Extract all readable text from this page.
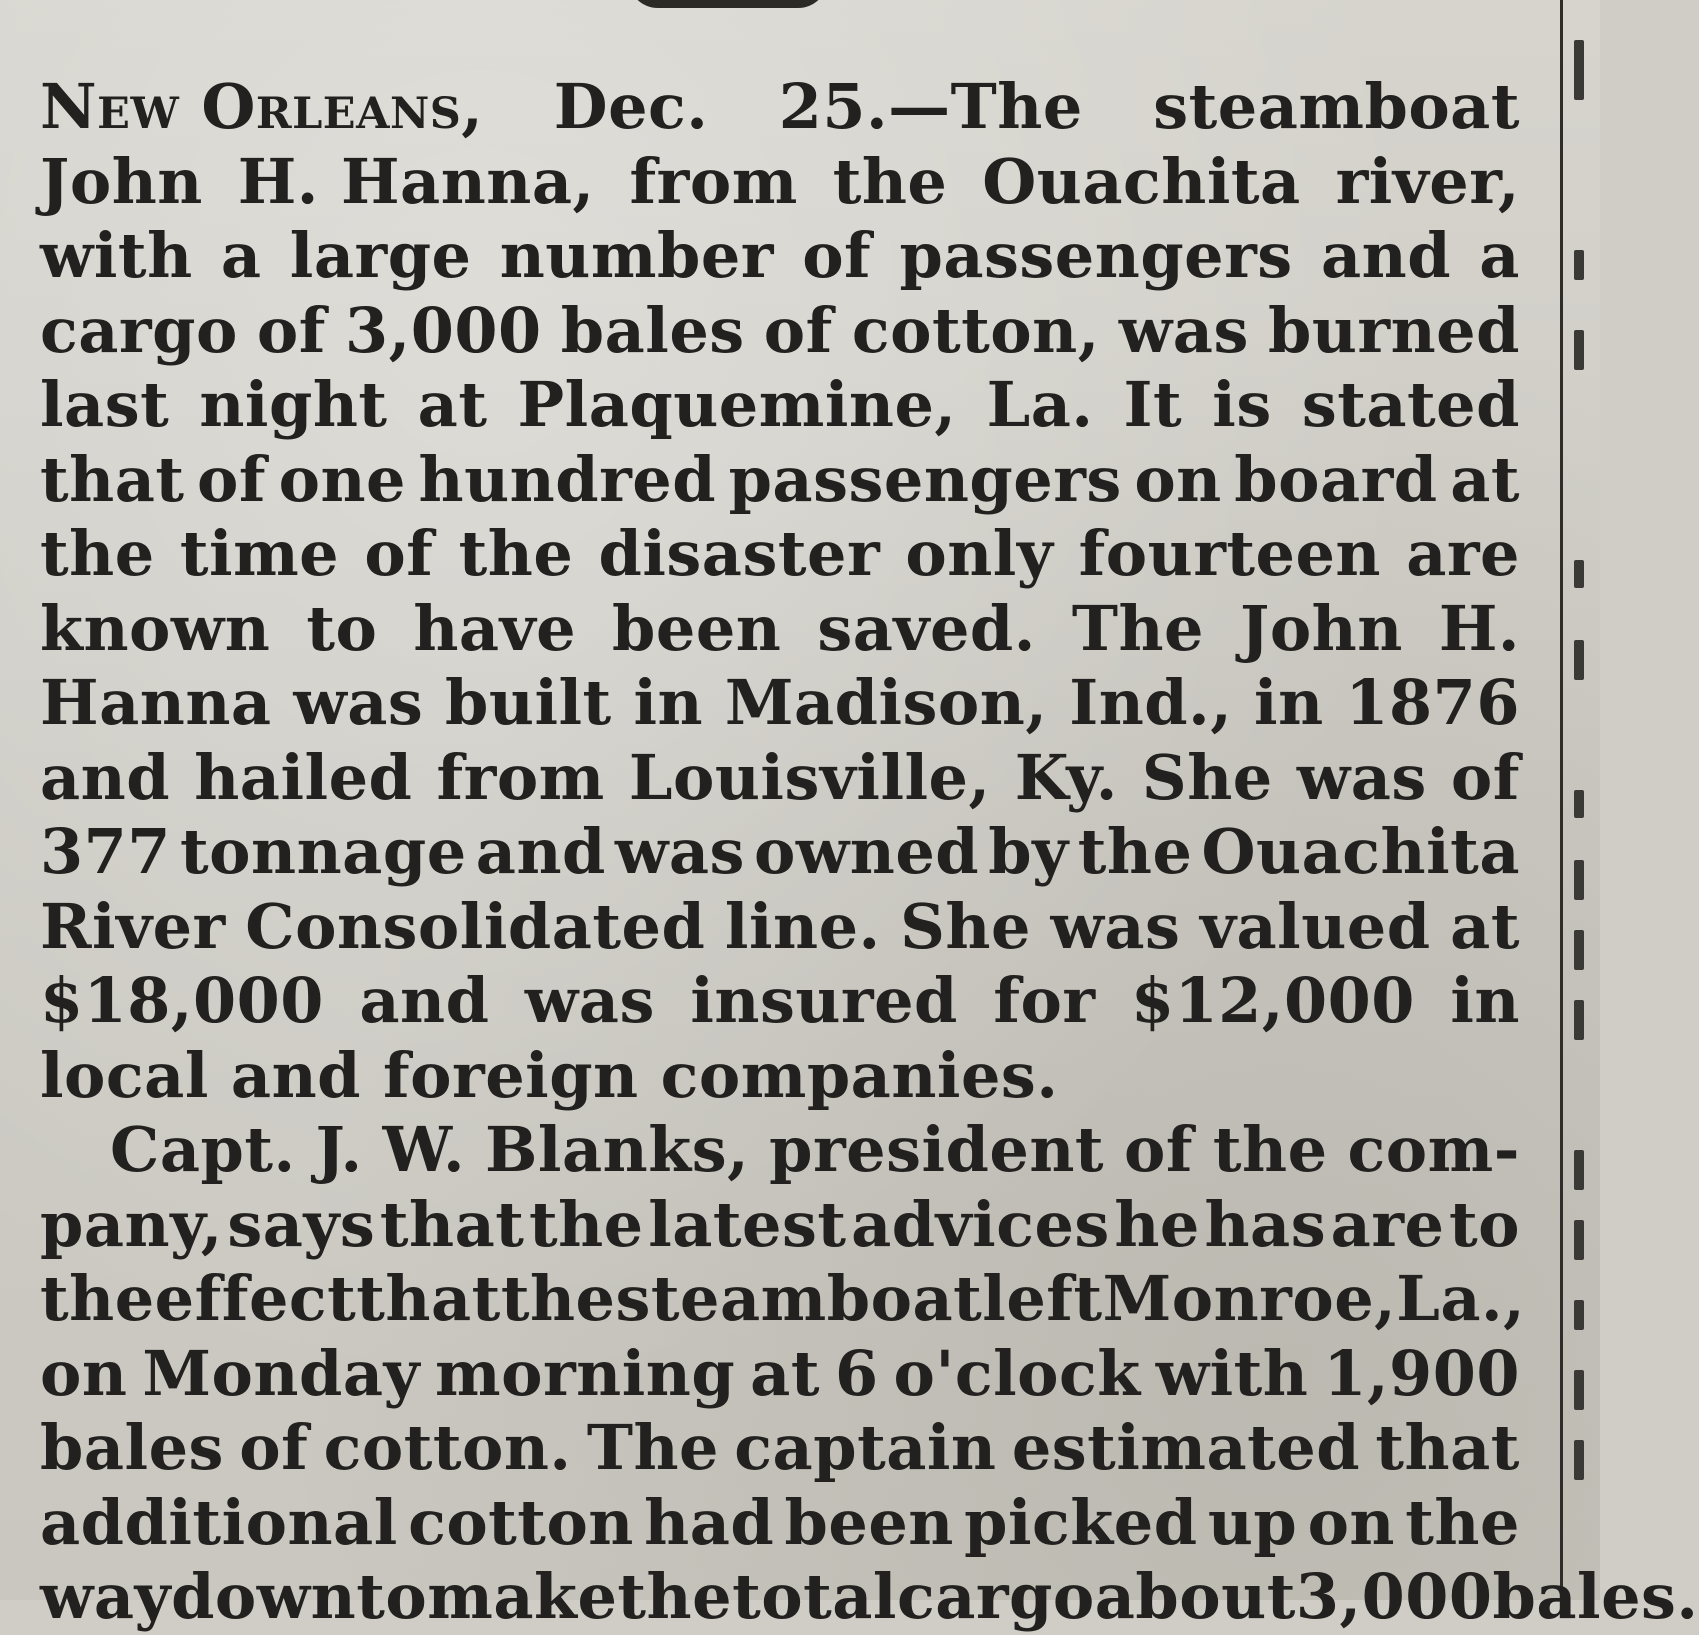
New Orleans, Dec. 25.—The steamboat
John H. Hanna, from the Ouachita river,
with a large number of passengers and a
cargo of 3,000 bales of cotton, was burned
last night at Plaquemine, La. It is stated
that of one hundred passengers on board at
the time of the disaster only fourteen are
known to have been saved. The John H.
Hanna was built in Madison, Ind., in 1876
and hailed from Louisville, Ky. She was of
377 tonnage and was owned by the Ouachita
River Consolidated line. She was valued at
$18,000 and was insured for $12,000 in
local and foreign companies.
Capt. J. W. Blanks, president of the com-
pany, says that the latest advices he has are to
the effect that the steamboat left Monroe, La.,
on Monday morning at 6 o'clock with 1,900
bales of cotton. The captain estimated that
additional cotton had been picked up on the
way down to make the total cargo about 3,000 bales.
